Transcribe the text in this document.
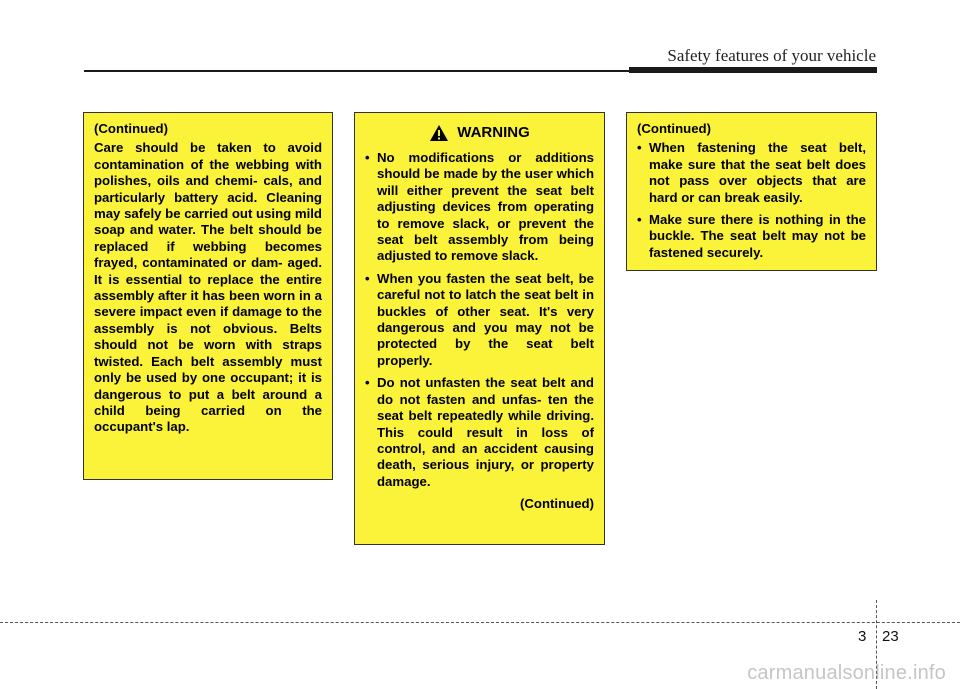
Safety features of your vehicle

(Continued)

Care should be taken to avoid contamination of the webbing with polishes, oils and chemi- cals, and particularly battery acid. Cleaning may safely be carried out using mild soap and water. The belt should be replaced if webbing becomes frayed, contaminated or dam- aged. It is essential to replace the entire assembly after it has been worn in a severe impact even if damage to the assembly is not obvious. Belts should not be worn with straps twisted. Each belt assembly must only be used by one occupant; it is dangerous to put a belt around a child being carried on the occupant's lap.

WARNING
• No modifications or additions should be made by the user which will either prevent the seat belt adjusting devices from operating to remove slack, or prevent the seat belt assembly from being adjusted to remove slack.
• When you fasten the seat belt, be careful not to latch the seat belt in buckles of other seat. It's very dangerous and you may not be protected by the seat belt properly.
• Do not unfasten the seat belt and do not fasten and unfas- ten the seat belt repeatedly while driving. This could result in loss of control, and an accident causing death, serious injury, or property damage.

(Continued)

(Continued)

• When fastening the seat belt, make sure that the seat belt does not pass over objects that are hard or can break easily.
• Make sure there is nothing in the buckle. The seat belt may not be fastened securely.
3 23
carmanualsonline.info
